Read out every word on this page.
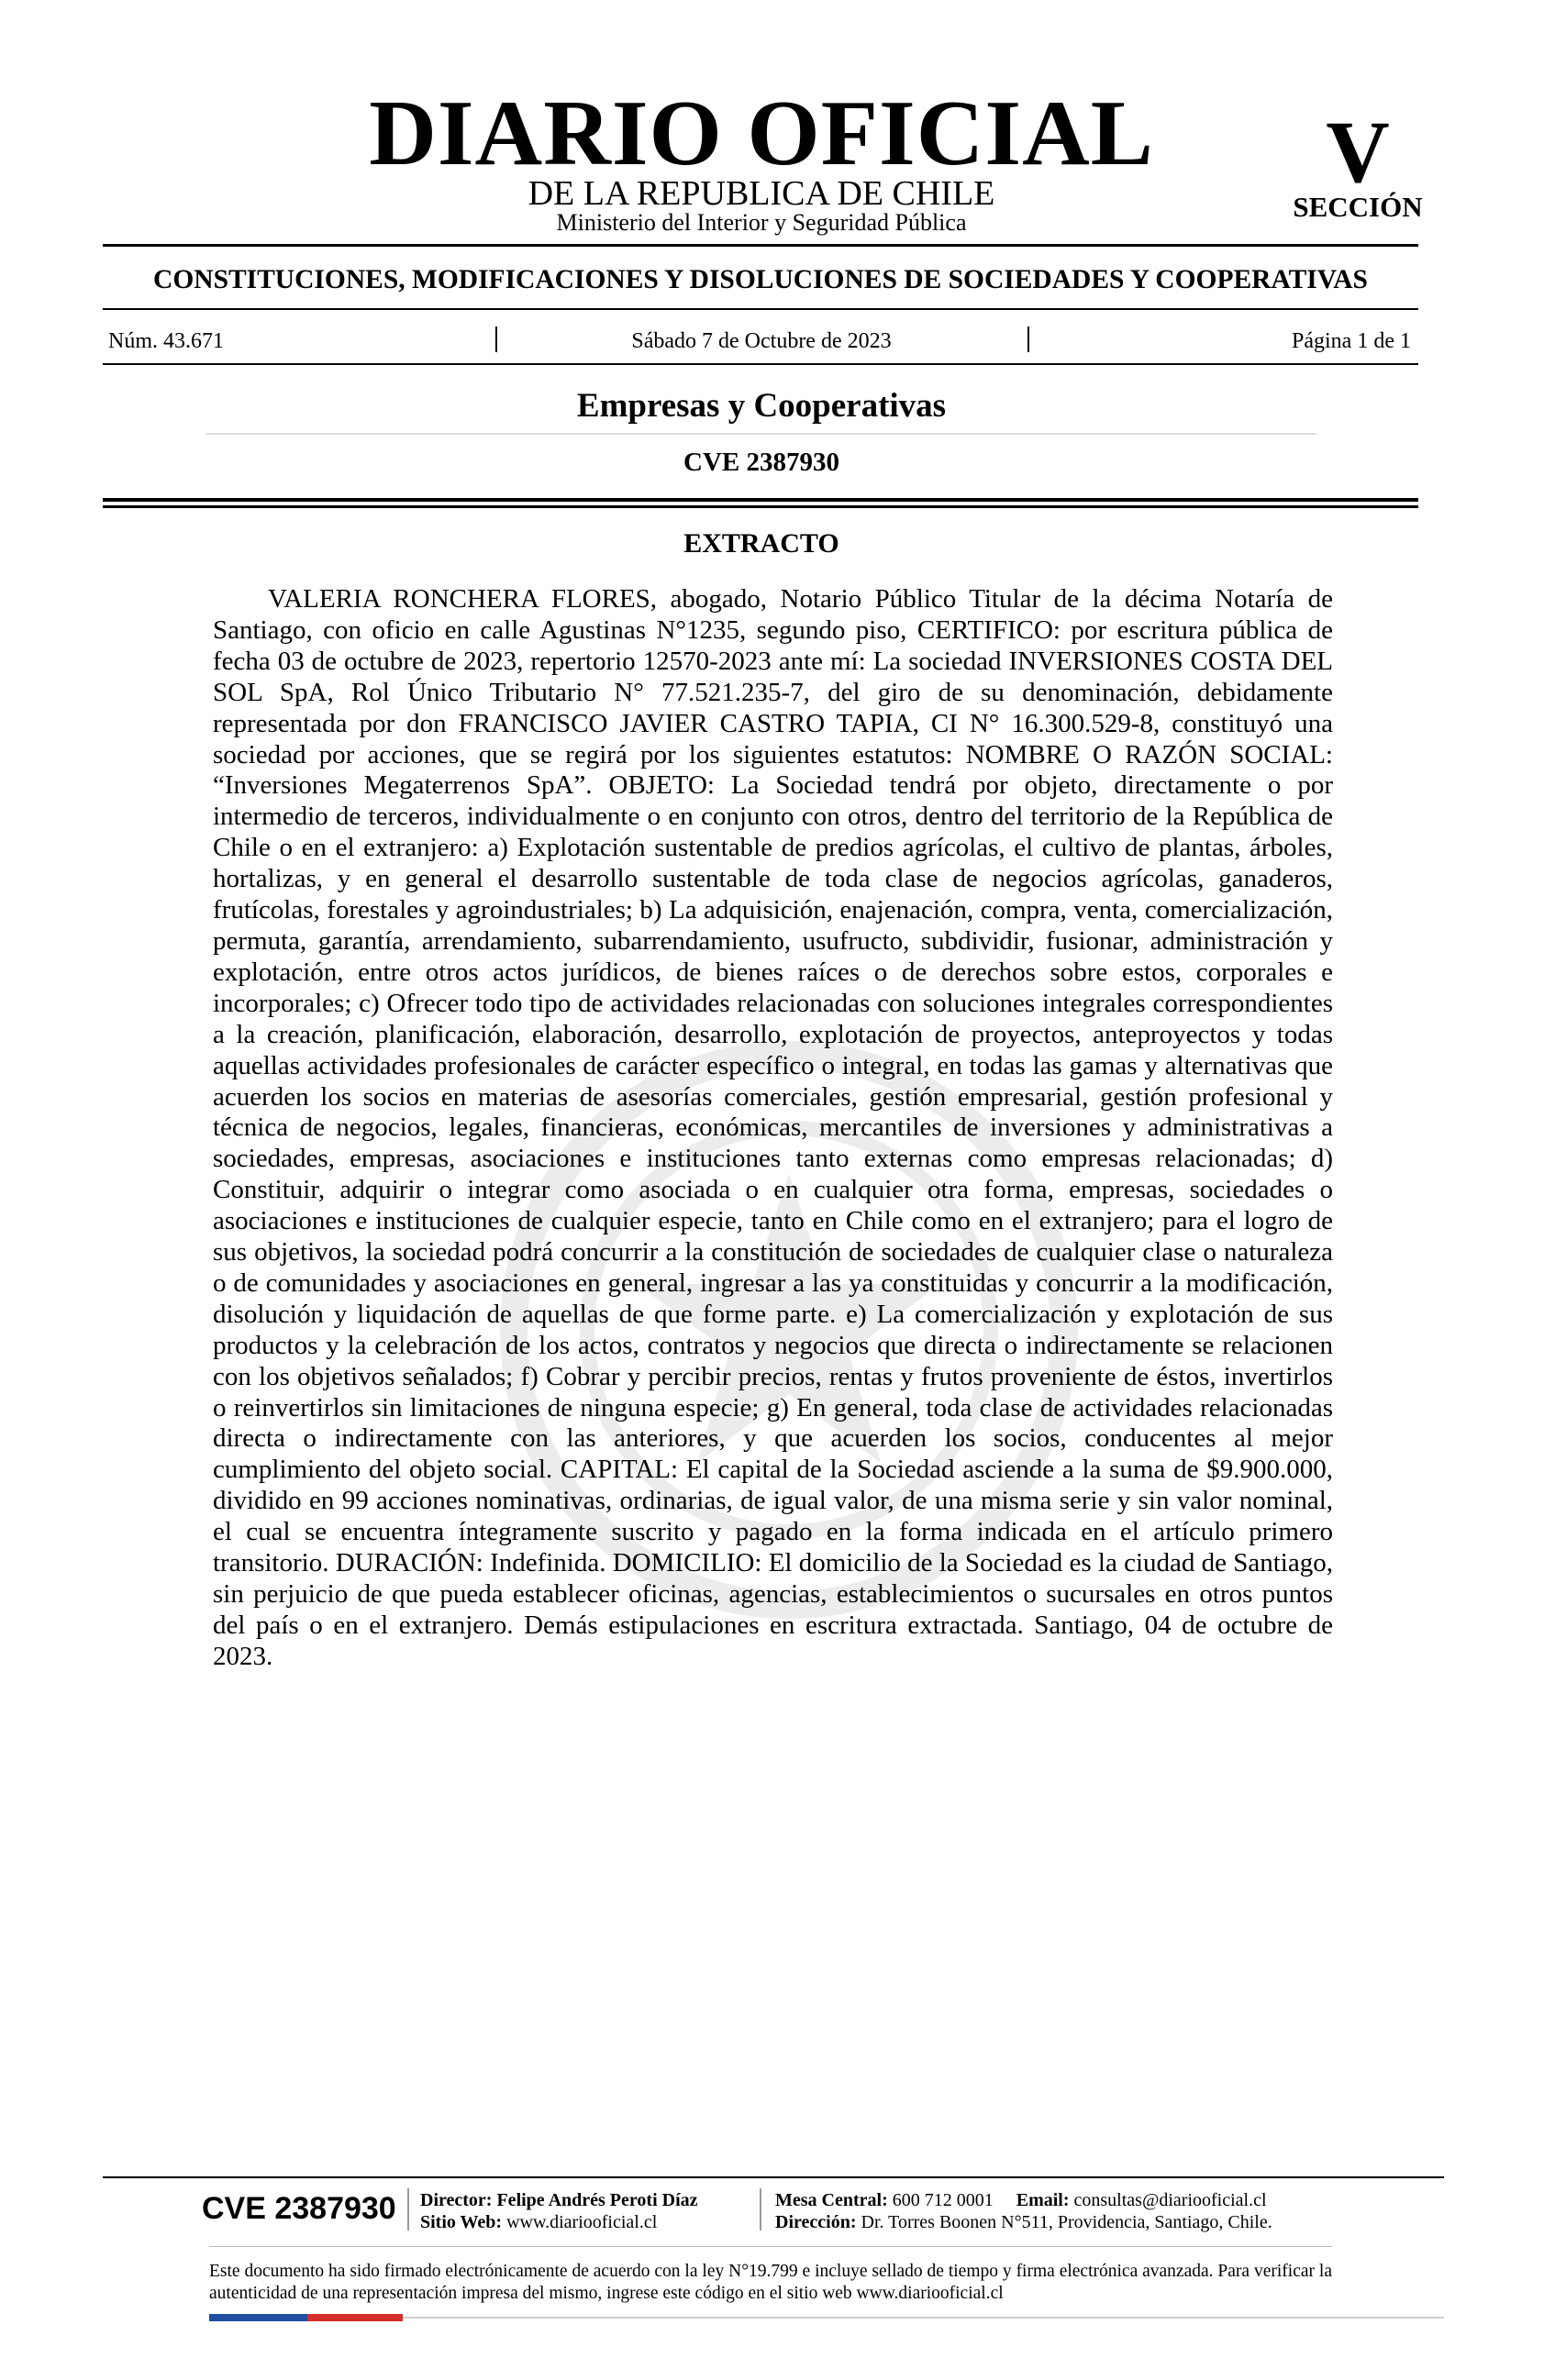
DIARIO OFICIAL
DE LA REPUBLICA DE CHILE
Ministerio del Interior y Seguridad Pública
V
SECCIÓN
CONSTITUCIONES, MODIFICACIONES Y DISOLUCIONES DE SOCIEDADES Y COOPERATIVAS
Núm. 43.671	Sábado 7 de Octubre de 2023	Página 1 de 1
Empresas y Cooperativas
CVE 2387930
EXTRACTO

VALERIA RONCHERA FLORES, abogado, Notario Público Titular de la décima Notaría de Santiago, con oficio en calle Agustinas N°1235, segundo piso, CERTIFICO: por escritura pública de fecha 03 de octubre de 2023, repertorio 12570-2023 ante mí: La sociedad INVERSIONES COSTA DEL SOL SpA, Rol Único Tributario N° 77.521.235-7, del giro de su denominación, debidamente representada por don FRANCISCO JAVIER CASTRO TAPIA, CI N° 16.300.529-8, constituyó una sociedad por acciones, que se regirá por los siguientes estatutos: NOMBRE O RAZÓN SOCIAL: “Inversiones Megaterrenos SpA”. OBJETO: La Sociedad tendrá por objeto, directamente o por intermedio de terceros, individualmente o en conjunto con otros, dentro del territorio de la República de Chile o en el extranjero: a) Explotación sustentable de predios agrícolas, el cultivo de plantas, árboles, hortalizas, y en general el desarrollo sustentable de toda clase de negocios agrícolas, ganaderos, frutícolas, forestales y agroindustriales; b) La adquisición, enajenación, compra, venta, comercialización, permuta, garantía, arrendamiento, subarrendamiento, usufructo, subdividir, fusionar, administración y explotación, entre otros actos jurídicos, de bienes raíces o de derechos sobre estos, corporales e incorporales; c) Ofrecer todo tipo de actividades relacionadas con soluciones integrales correspondientes a la creación, planificación, elaboración, desarrollo, explotación de proyectos, anteproyectos y todas aquellas actividades profesionales de carácter específico o integral, en todas las gamas y alternativas que acuerden los socios en materias de asesorías comerciales, gestión empresarial, gestión profesional y técnica de negocios, legales, financieras, económicas, mercantiles de inversiones y administrativas a sociedades, empresas, asociaciones e instituciones tanto externas como empresas relacionadas; d) Constituir, adquirir o integrar como asociada o en cualquier otra forma, empresas, sociedades o asociaciones e instituciones de cualquier especie, tanto en Chile como en el extranjero; para el logro de sus objetivos, la sociedad podrá concurrir a la constitución de sociedades de cualquier clase o naturaleza o de comunidades y asociaciones en general, ingresar a las ya constituidas y concurrir a la modificación, disolución y liquidación de aquellas de que forme parte. e) La comercialización y explotación de sus productos y la celebración de los actos, contratos y negocios que directa o indirectamente se relacionen con los objetivos señalados; f) Cobrar y percibir precios, rentas y frutos proveniente de éstos, invertirlos o reinvertirlos sin limitaciones de ninguna especie; g) En general, toda clase de actividades relacionadas directa o indirectamente con las anteriores, y que acuerden los socios, conducentes al mejor cumplimiento del objeto social. CAPITAL: El capital de la Sociedad asciende a la suma de $9.900.000, dividido en 99 acciones nominativas, ordinarias, de igual valor, de una misma serie y sin valor nominal, el cual se encuentra íntegramente suscrito y pagado en la forma indicada en el artículo primero transitorio. DURACIÓN: Indefinida. DOMICILIO: El domicilio de la Sociedad es la ciudad de Santiago, sin perjuicio de que pueda establecer oficinas, agencias, establecimientos o sucursales en otros puntos del país o en el extranjero. Demás estipulaciones en escritura extractada. Santiago, 04 de octubre de 2023.

CVE 2387930 Director: Felipe Andrés Peroti Díaz
Sitio Web: www.diariooficial.cl
Mesa Central: 600 712 0001 Email: consultas@diariooficial.cl
Dirección: Dr. Torres Boonen N°511, Providencia, Santiago, Chile.

Este documento ha sido firmado electrónicamente de acuerdo con la ley N°19.799 e incluye sellado de tiempo y firma electrónica avanzada. Para verificar la autenticidad de una representación impresa del mismo, ingrese este código en el sitio web www.diariooficial.cl
